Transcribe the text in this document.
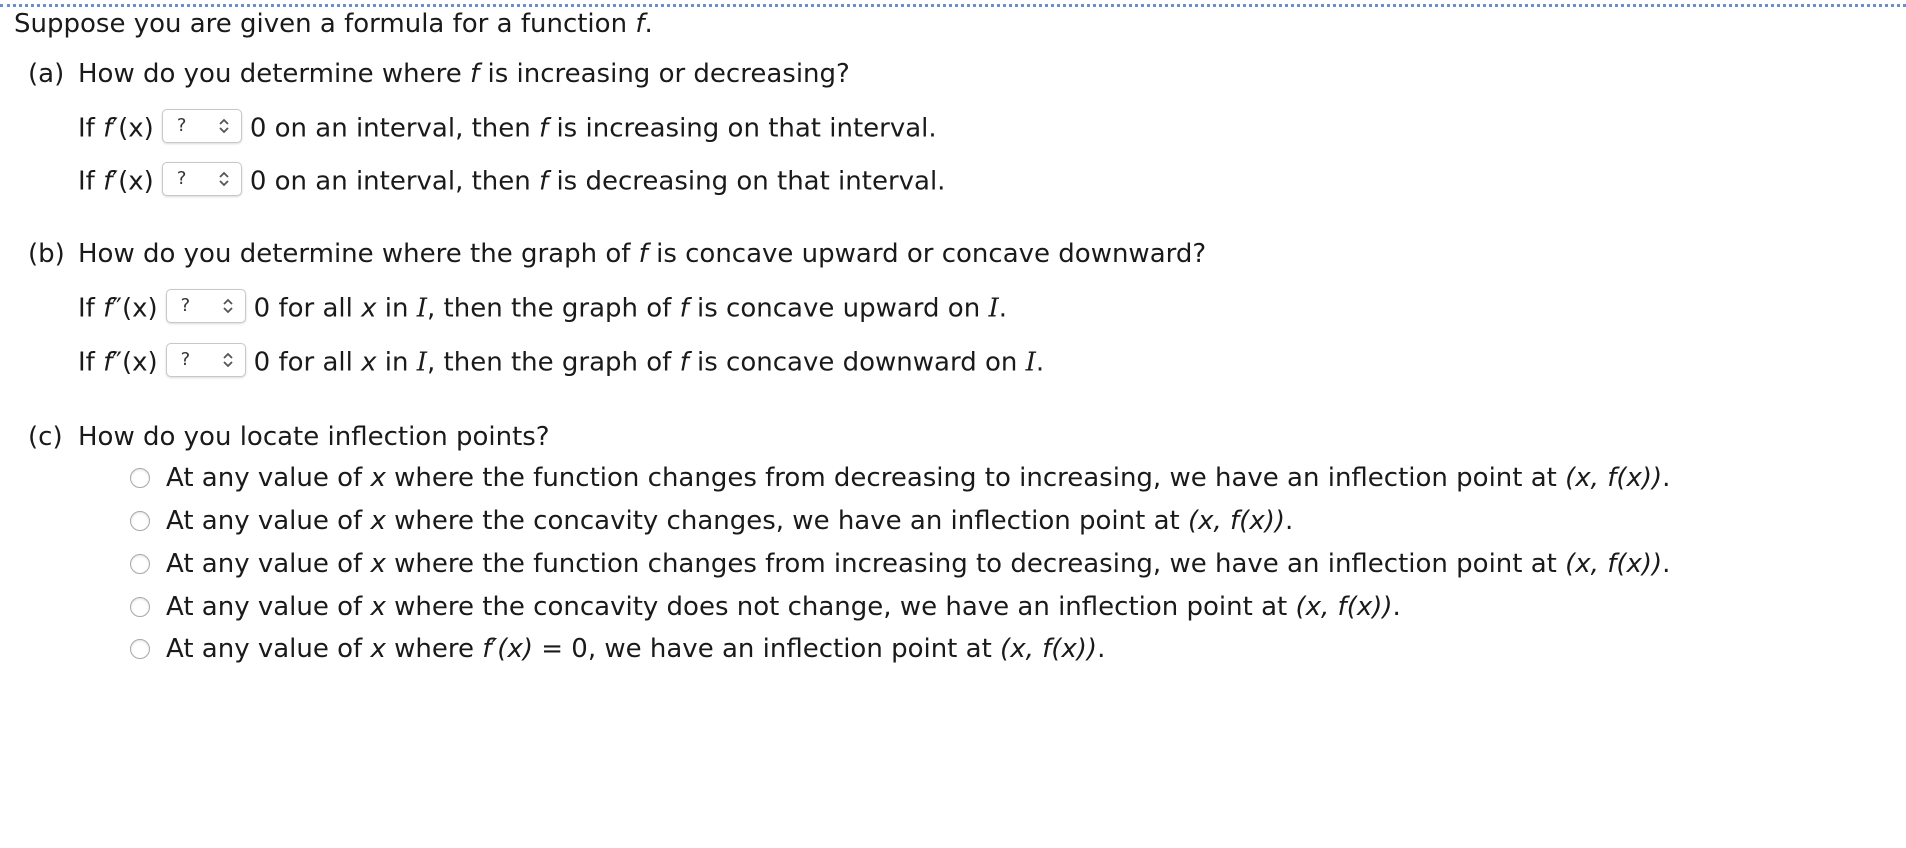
Suppose you are given a formula for a function f.
(a) How do you determine where f is increasing or decreasing?
If f′(x) ? 0 on an interval, then f is increasing on that interval.
If f′(x) ? 0 on an interval, then f is decreasing on that interval.
(b) How do you determine where the graph of f is concave upward or concave downward?
If f″(x) ? 0 for all x in I, then the graph of f is concave upward on I.
If f″(x) ? 0 for all x in I, then the graph of f is concave downward on I.
(c) How do you locate inflection points?
At any value of x where the function changes from decreasing to increasing, we have an inflection point at (x, f(x)).
At any value of x where the concavity changes, we have an inflection point at (x, f(x)).
At any value of x where the function changes from increasing to decreasing, we have an inflection point at (x, f(x)).
At any value of x where the concavity does not change, we have an inflection point at (x, f(x)).
At any value of x where f′(x) = 0, we have an inflection point at (x, f(x)).
